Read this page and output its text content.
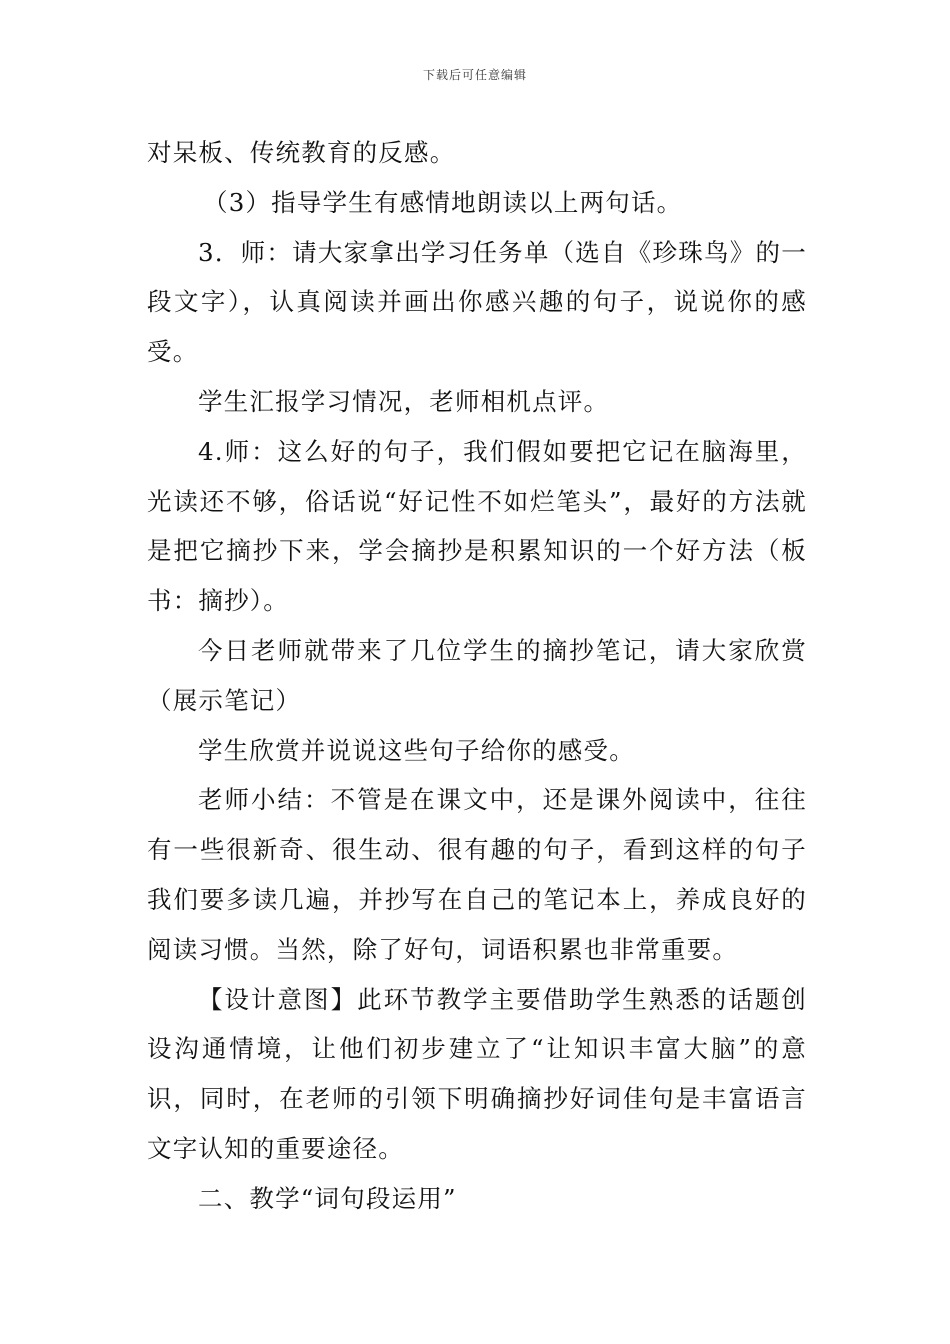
下载后可任意编辑

对呆板、传统教育的反感。

（3）指导学生有感情地朗读以上两句话。

3．师：请大家拿出学习任务单（选自《珍珠鸟》的一段文字），认真阅读并画出你感兴趣的句子，说说你的感受。

学生汇报学习情况，老师相机点评。

4.师：这么好的句子，我们假如要把它记在脑海里，光读还不够，俗话说“好记性不如烂笔头”，最好的方法就是把它摘抄下来，学会摘抄是积累知识的一个好方法（板书：摘抄）。

今日老师就带来了几位学生的摘抄笔记，请大家欣赏（展示笔记）

学生欣赏并说说这些句子给你的感受。

老师小结：不管是在课文中，还是课外阅读中，往往有一些很新奇、很生动、很有趣的句子，看到这样的句子我们要多读几遍，并抄写在自己的笔记本上，养成良好的阅读习惯。当然，除了好句，词语积累也非常重要。

【设计意图】此环节教学主要借助学生熟悉的话题创设沟通情境，让他们初步建立了“让知识丰富大脑”的意识，同时，在老师的引领下明确摘抄好词佳句是丰富语言文字认知的重要途径。

二、教学“词句段运用”
